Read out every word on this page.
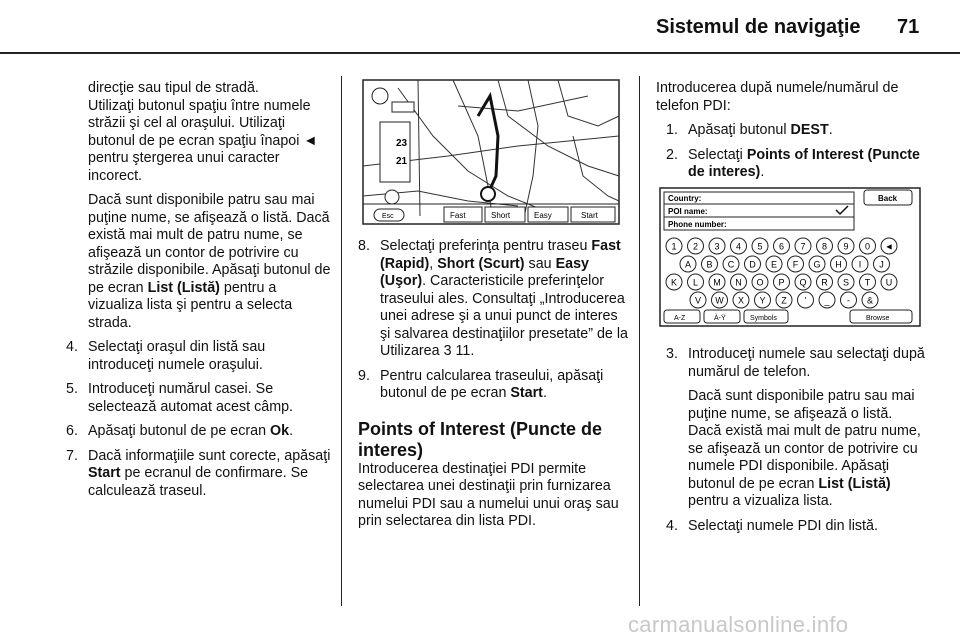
Sistemul de navigaţie 71

direcţie sau tipul de stradă.

Utilizaţi butonul spaţiu între numele străzii şi cel al oraşului. Utilizaţi butonul de pe ecran spaţiu înapoi ◄ pentru ştergerea unui caracter incorect.

Dacă sunt disponibile patru sau mai puţine nume, se afişează o listă. Dacă există mai mult de patru nume, se afişează un contor de potrivire cu străzile disponibile. Apăsaţi butonul de pe ecran List (Listă) pentru a vizualiza lista şi pentru a selecta strada.

4. Selectaţi oraşul din listă sau introduceţi numele oraşului.
5. Introduceţi numărul casei. Se selectează automat acest câmp.
6. Apăsaţi butonul de pe ecran Ok.
7. Dacă informaţiile sunt corecte, apăsaţi Start pe ecranul de confirmare. Se calculează traseul.
23
21
Esc	Fast	Short	Easy	Start
8. Selectaţi preferinţa pentru traseu Fast (Rapid), Short (Scurt) sau Easy (Uşor). Caracteristicile preferinţelor traseului ales. Consultaţi „Introducerea unei adrese şi a unui punct de interes şi salvarea destinaţiilor presetate” de la Utilizarea 3 11.
9. Pentru calcularea traseului, apăsaţi butonul de pe ecran Start.

Points of Interest (Puncte de interes)

Introducerea destinaţiei PDI permite selectarea unei destinaţii prin furnizarea numelui PDI sau a numelui unui oraş sau prin selectarea din lista PDI.

Introducerea după numele/numărul de telefon PDI:

1. Apăsaţi butonul DEST.
2. Selectaţi Points of Interest (Puncte de interes).
Country:
POI name:
Phone number:
Back
1 2 3 4 5 6 7 8 9 0 ◄
A B C D E F G H I J
K L M N O P Q R S T U
V W X Y Z ' _ - &
A-Z	À-Ÿ	Symbols	Browse
3. Introduceţi numele sau selectaţi după numărul de telefon.

Dacă sunt disponibile patru sau mai puţine nume, se afişează o listă. Dacă există mai mult de patru nume, se afişează un contor de potrivire cu numele PDI disponibile. Apăsaţi butonul de pe ecran List (Listă) pentru a vizualiza lista.

4. Selectaţi numele PDI din listă.
carmanualsonline.info
